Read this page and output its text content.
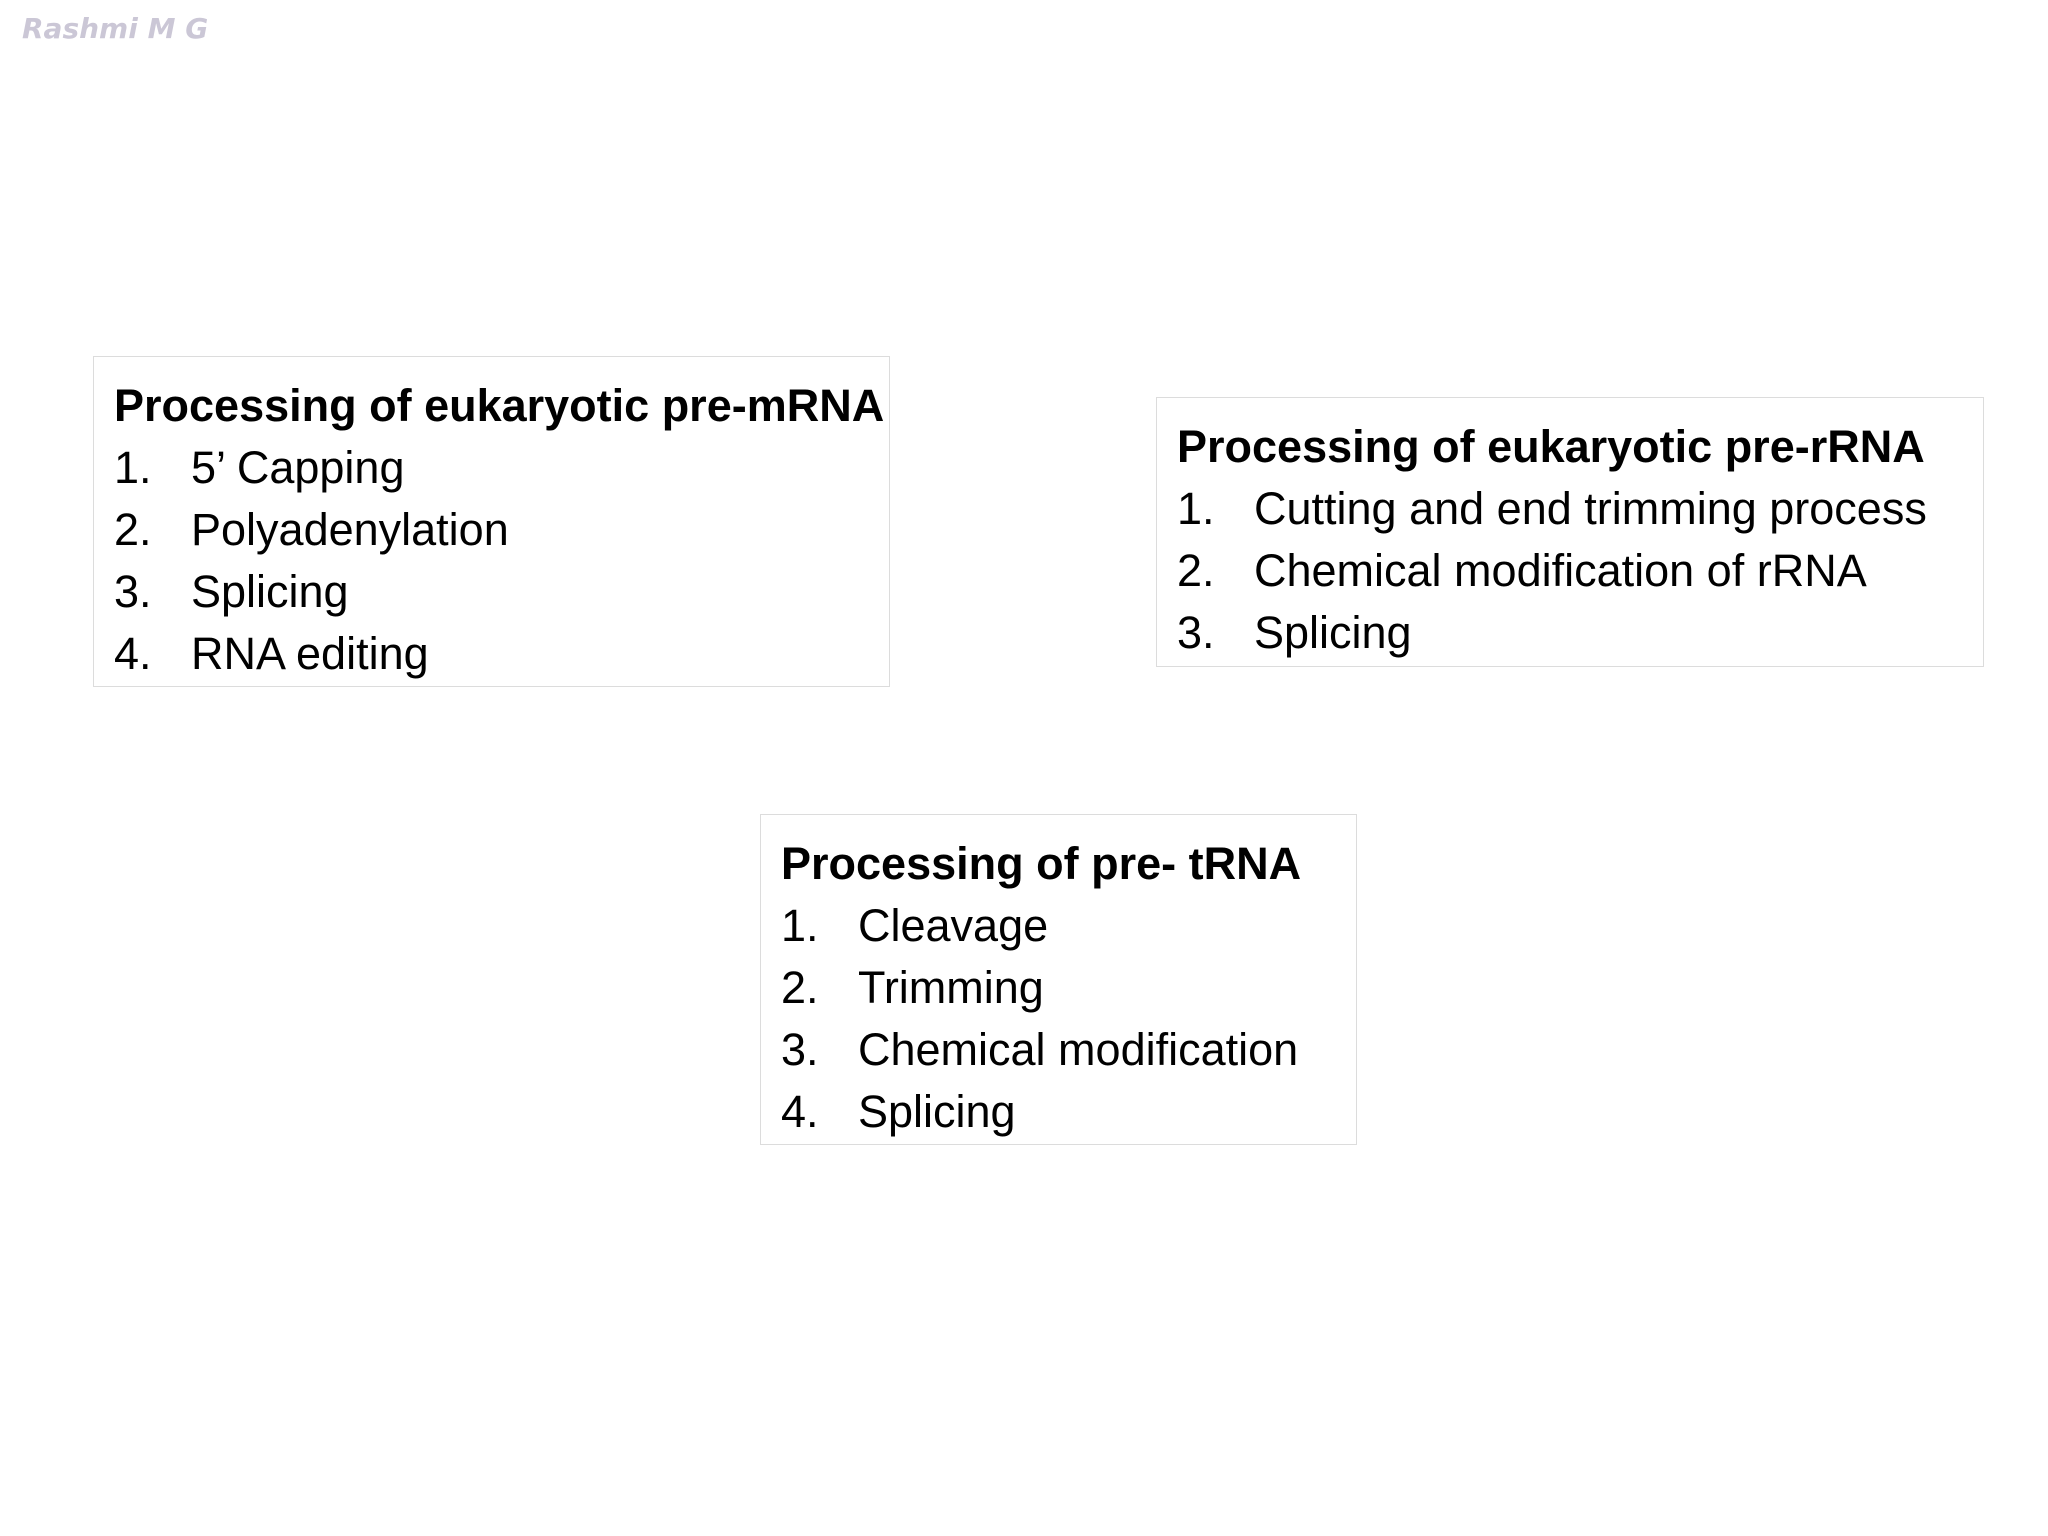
Rashmi M G
Processing of eukaryotic pre-mRNA
1. 5’ Capping
2. Polyadenylation
3. Splicing
4. RNA editing
Processing of eukaryotic pre-rRNA
1. Cutting and end trimming process
2. Chemical modification of rRNA
3. Splicing
Processing of pre- tRNA
1. Cleavage
2. Trimming
3. Chemical modification
4. Splicing
